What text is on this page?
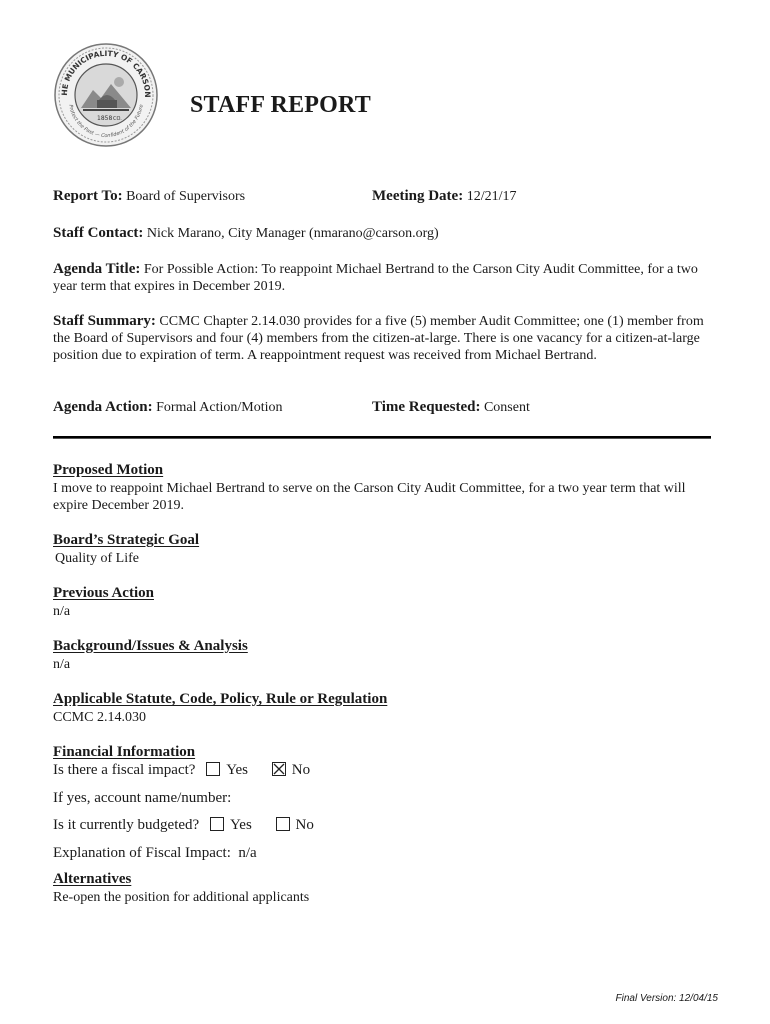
HE MUNICIPALITY OF CARSON
Protect the Past — Confident of the Future
1858 CO.
STAFF REPORT
Report To: Board of Supervisors	Meeting Date: 12/21/17
Staff Contact: Nick Marano, City Manager (nmarano@carson.org)
Agenda Title: For Possible Action: To reappoint Michael Bertrand to the Carson City Audit Committee, for a two year term that expires in December 2019.
Staff Summary: CCMC Chapter 2.14.030 provides for a five (5) member Audit Committee; one (1) member from the Board of Supervisors and four (4) members from the citizen-at-large. There is one vacancy for a citizen-at-large position due to expiration of term. A reappointment request was received from Michael Bertrand.
Agenda Action: Formal Action/Motion	Time Requested: Consent
Proposed Motion
I move to reappoint Michael Bertrand to serve on the Carson City Audit Committee, for a two year term that will expire December 2019.
Board’s Strategic Goal
Quality of Life
Previous Action
n/a
Background/Issues & Analysis
n/a
Applicable Statute, Code, Policy, Rule or Regulation
CCMC 2.14.030
Financial Information
Is there a fiscal impact? Yes	No
If yes, account name/number:
Is it currently budgeted? Yes	No
Explanation of Fiscal Impact:  n/a
Alternatives
Re-open the position for additional applicants
Final Version: 12/04/15
